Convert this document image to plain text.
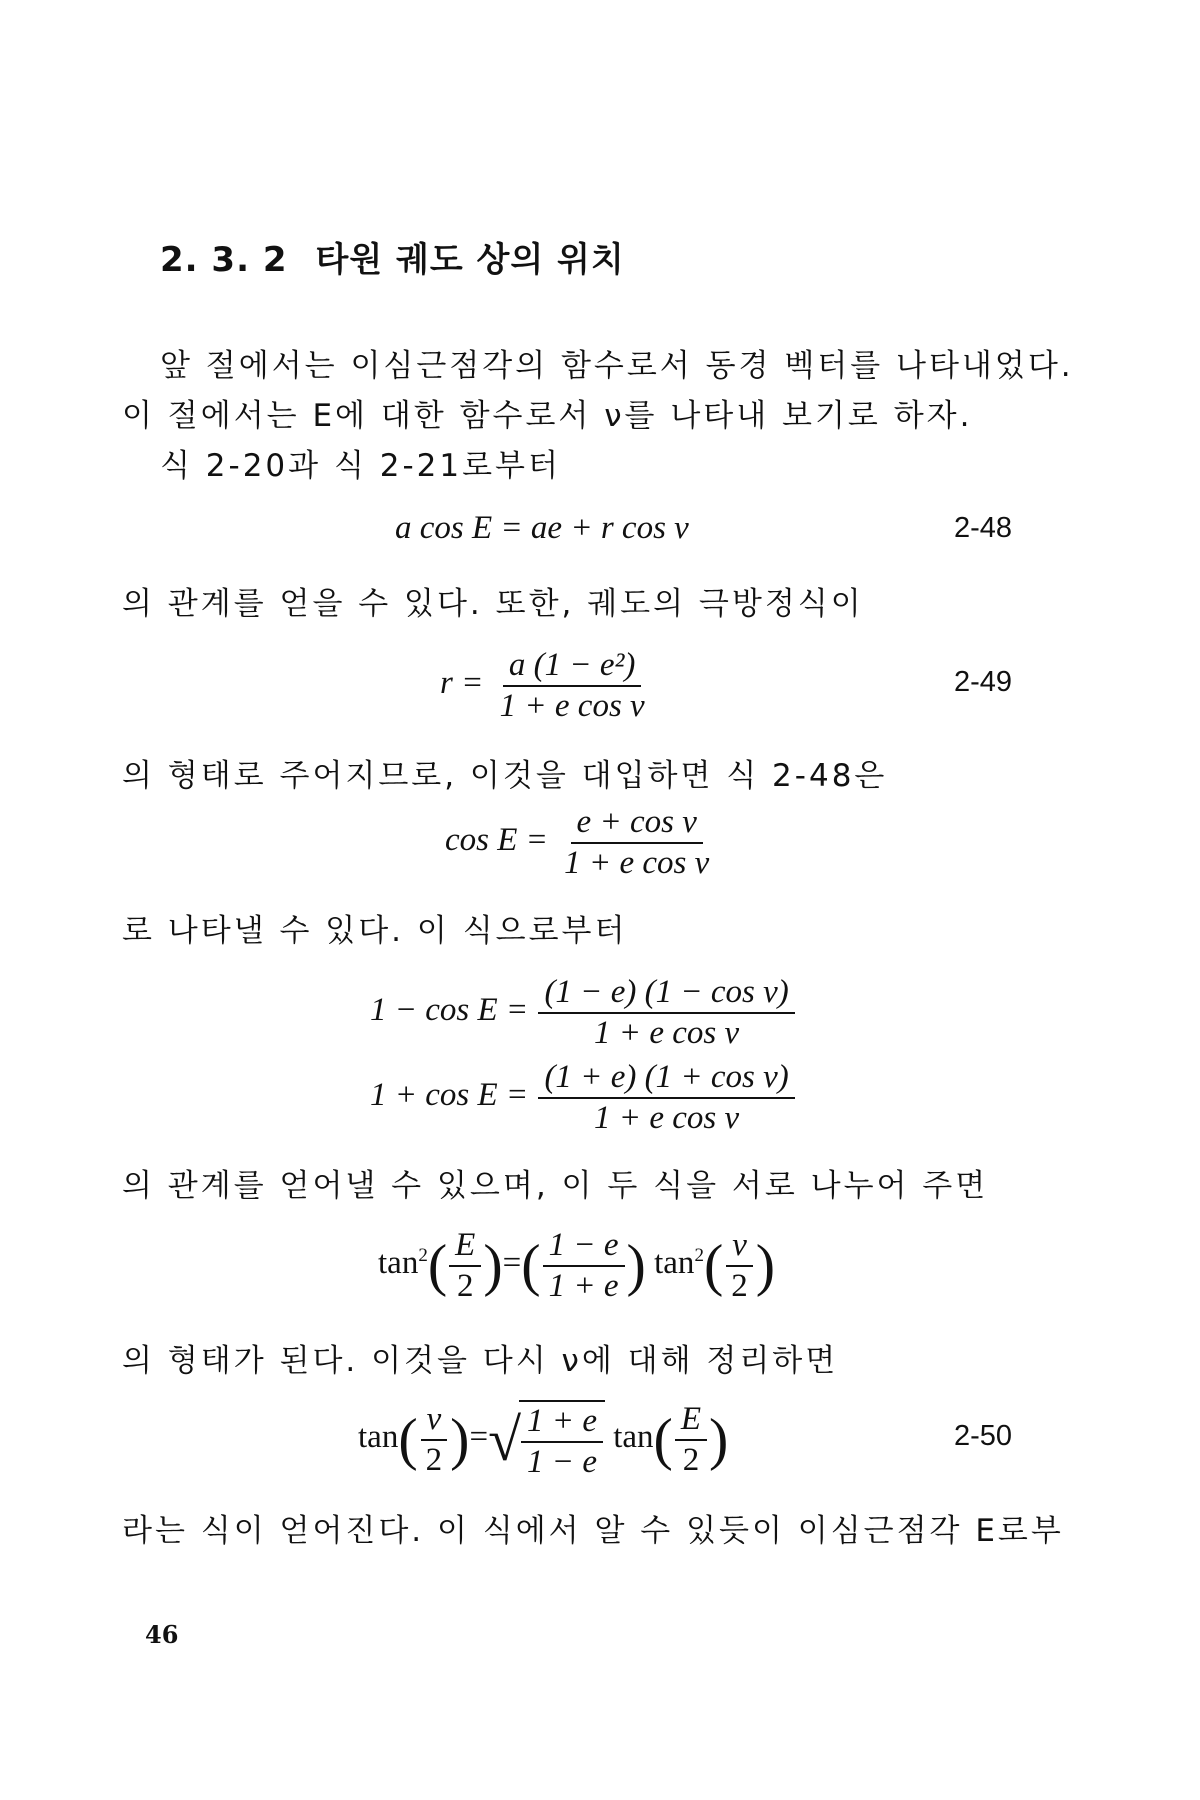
2. 3. 2 타원 궤도 상의 위치
앞 절에서는 이심근점각의 함수로서 동경 벡터를 나타내었다.
이 절에서는 E에 대한 함수로서 ν를 나타내 보기로 하자.
식 2-20과 식 2-21로부터
a cos E = ae + r cos ν	2-48
의 관계를 얻을 수 있다. 또한, 궤도의 극방정식이
$r = \frac{\text{a (1 − e²)}}{\text{1 + e cos ν}}$	2-49
의 형태로 주어지므로, 이것을 대입하면 식 2-48은
$\cos E = \frac{\text{e + cos ν}}{\text{1 + e cos ν}}$
로 나타낼 수 있다. 이 식으로부터
$1 - \cos E = \frac{\text{(1 − e) (1 − cos ν)}}{\text{1 + e cos ν}}$
$1 + \cos E = \frac{\text{(1 + e) (1 + cos ν)}}{\text{1 + e cos ν}}$
의 관계를 얻어낼 수 있으며, 이 두 식을 서로 나누어 주면
$\tan^2( \frac{E}{2}$ )=( $\frac{1 - e}{1 + e}$ ) $\tan^2( \frac{\nu}{2}$ )
의 형태가 된다. 이것을 다시 ν에 대해 정리하면
$\tan( \frac{\nu}{2}$ )= √ $\frac{1 + e}{1 - e} \tan( \frac{E}{2}$ )	2-50
라는 식이 얻어진다. 이 식에서 알 수 있듯이 이심근점각 E로부
46
